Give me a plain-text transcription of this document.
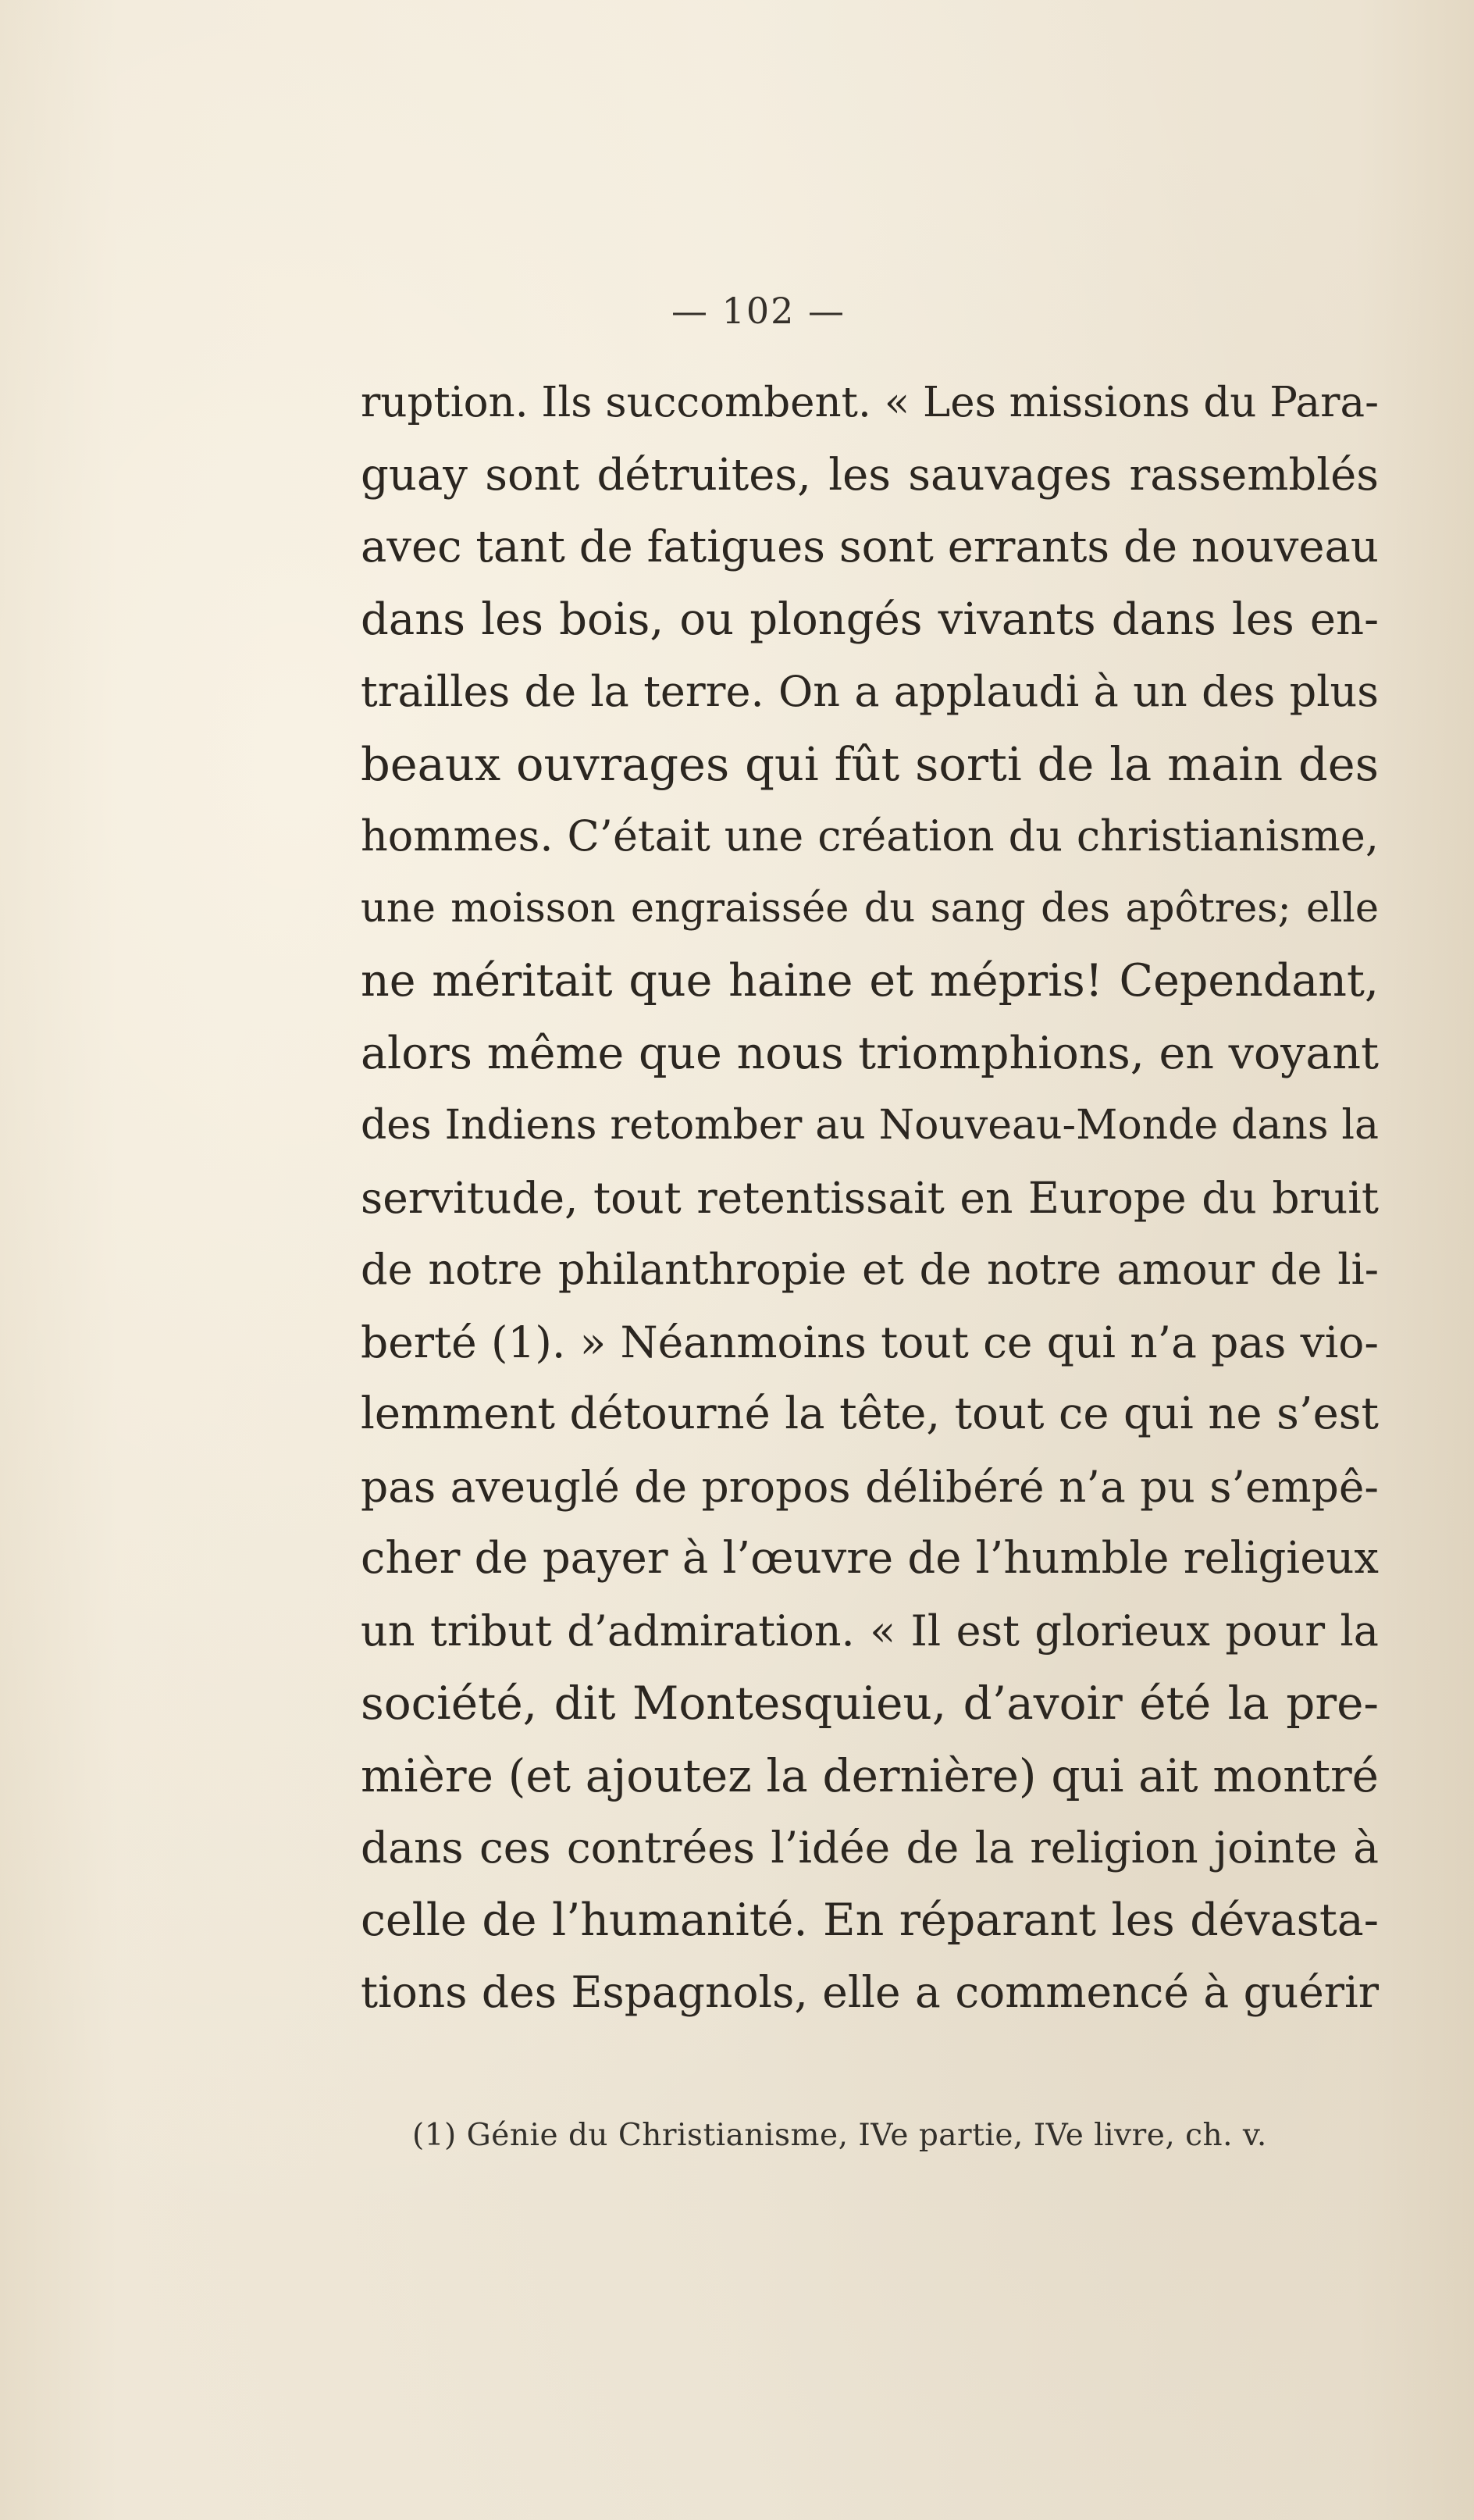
— 102 —
ruption. Ils succombent. « Les missions du Para-
guay sont détruites, les sauvages rassemblés
avec tant de fatigues sont errants de nouveau
dans les bois, ou plongés vivants dans les en-
trailles de la terre. On a applaudi à un des plus
beaux ouvrages qui fût sorti de la main des
hommes. C’était une création du christianisme,
une moisson engraissée du sang des apôtres; elle
ne méritait que haine et mépris! Cependant,
alors même que nous triomphions, en voyant
des Indiens retomber au Nouveau-Monde dans la
servitude, tout retentissait en Europe du bruit
de notre philanthropie et de notre amour de li-
berté (1). » Néanmoins tout ce qui n’a pas vio-
lemment détourné la tête, tout ce qui ne s’est
pas aveuglé de propos délibéré n’a pu s’empê-
cher de payer à l’œuvre de l’humble religieux
un tribut d’admiration. « Il est glorieux pour la
société, dit Montesquieu, d’avoir été la pre-
mière (et ajoutez la dernière) qui ait montré
dans ces contrées l’idée de la religion jointe à
celle de l’humanité. En réparant les dévasta-
tions des Espagnols, elle a commencé à guérir
(1) Génie du Christianisme, IVe partie, IVe livre, ch. v.
